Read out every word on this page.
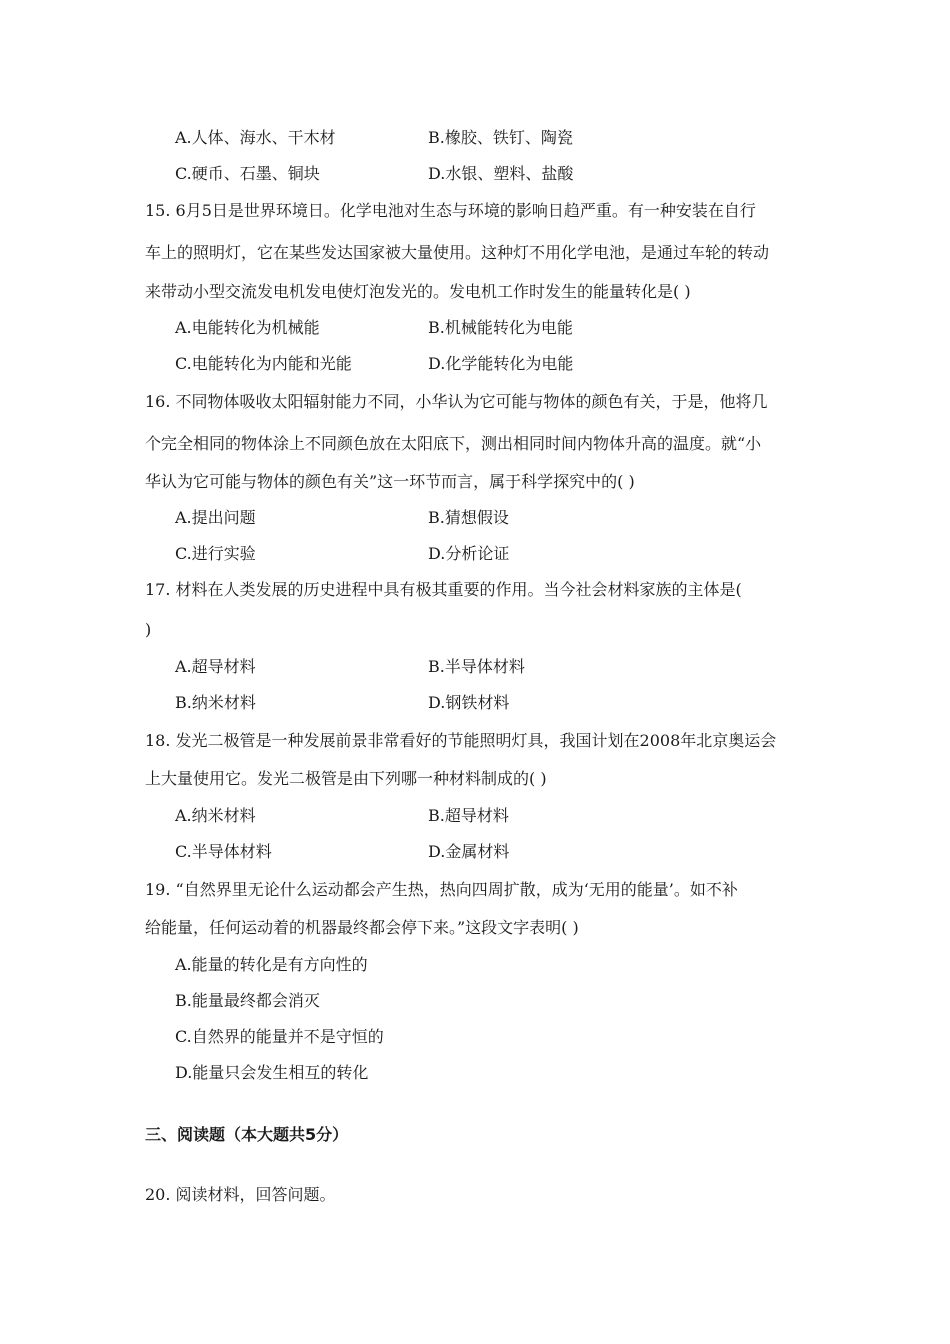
A.人体、海水、干木材	B.橡胶、铁钉、陶瓷
C.硬币、石墨、铜块	D.水银、塑料、盐酸
15. 6月5日是世界环境日。化学电池对生态与环境的影响日趋严重。有一种安装在自行
车上的照明灯，它在某些发达国家被大量使用。这种灯不用化学电池，是通过车轮的转动
来带动小型交流发电机发电使灯泡发光的。发电机工作时发生的能量转化是( )
A.电能转化为机械能	B.机械能转化为电能
C.电能转化为内能和光能	D.化学能转化为电能
16. 不同物体吸收太阳辐射能力不同，小华认为它可能与物体的颜色有关，于是，他将几
个完全相同的物体涂上不同颜色放在太阳底下，测出相同时间内物体升高的温度。就“小
华认为它可能与物体的颜色有关”这一环节而言，属于科学探究中的( )
A.提出问题	B.猜想假设
C.进行实验	D.分析论证
17. 材料在人类发展的历史进程中具有极其重要的作用。当今社会材料家族的主体是(
)
A.超导材料	B.半导体材料
B.纳米材料	D.钢铁材料
18. 发光二极管是一种发展前景非常看好的节能照明灯具，我国计划在2008年北京奥运会
上大量使用它。发光二极管是由下列哪一种材料制成的( )
A.纳米材料	B.超导材料
C.半导体材料	D.金属材料
19. “自然界里无论什么运动都会产生热，热向四周扩散，成为‘无用的能量’。如不补
给能量，任何运动着的机器最终都会停下来。”这段文字表明( )
A.能量的转化是有方向性的
B.能量最终都会消灭
C.自然界的能量并不是守恒的
D.能量只会发生相互的转化
三、阅读题（本大题共5分）
20. 阅读材料，回答问题。
